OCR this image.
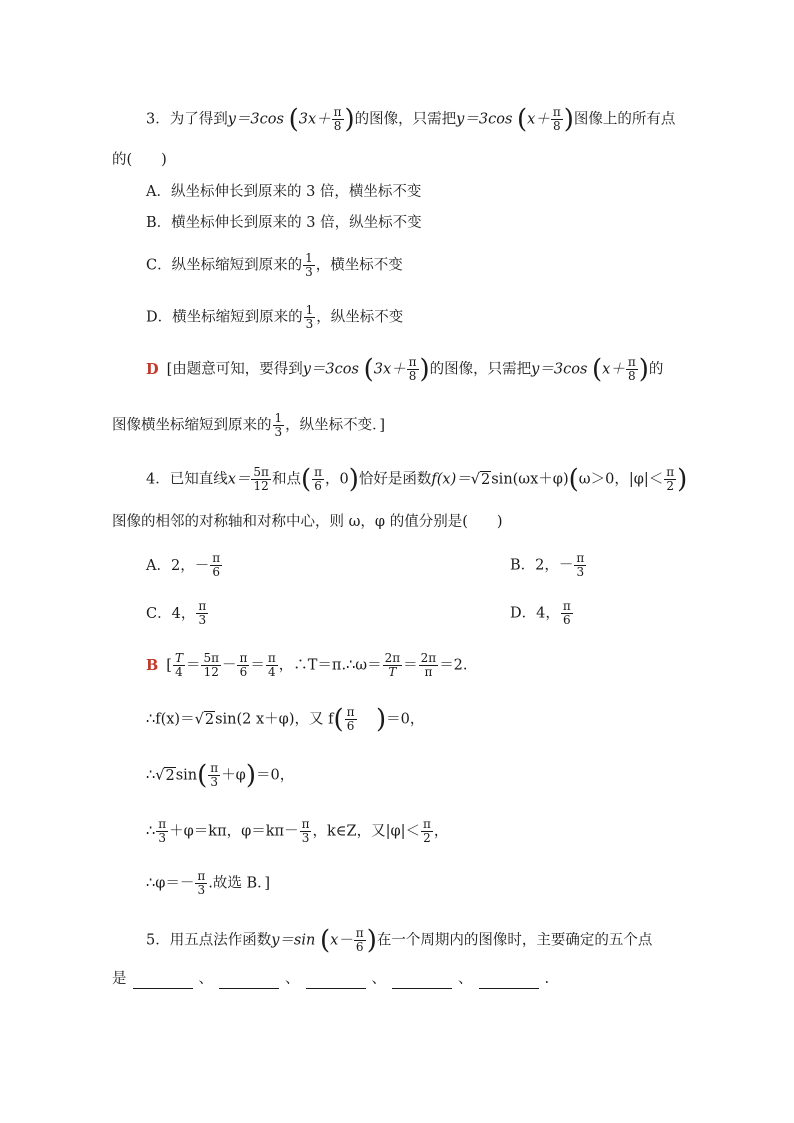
3．为了得到y＝3cos ($3x+ \frac{\pi}{8}$ )的图像，只需把y＝3cos ($x+ \frac{\pi}{8}$ )图像上的所有点
的(　　)
A．纵坐标伸长到原来的 3 倍，横坐标不变
B．横坐标伸长到原来的 3 倍，纵坐标不变
C．纵坐标缩短到原来的 $\frac{1}{3}$ ，横坐标不变
D．横坐标缩短到原来的 $\frac{1}{3}$ ，纵坐标不变
D [由题意可知，要得到y＝3cos ($3x+ \frac{\pi}{8}$ )的图像，只需把y＝3cos ($x+ \frac{\pi}{8}$ )的
图像横坐标缩短到原来的 $\frac{1}{3}$ ，纵坐标不变．]
4．已知直线$x= \frac{5\pi}{12}$ 和点( $\frac{\pi}{6}$ ，0)恰好是函数f(x)＝√2sin(ωx＋φ)(ω＞0，$|\varphi|< \frac{\pi}{2}$ )
图像的相邻的对称轴和对称中心，则 ω，φ 的值分别是(　　)
A．2，－ $\frac{\pi}{6}$	B．2，－ $\frac{\pi}{3}$
C．4， $\frac{\pi}{3}$	D．4， $\frac{\pi}{6}$
B [ $\frac{T}{4} = \frac{5\pi}{12} - \frac{\pi}{6} = \frac{\pi}{4}$ ，∴T＝π.∴ω＝ $\frac{2\pi}{T} = \frac{2\pi}{\pi} =2$.
∴f(x)＝√2sin(2 x＋φ)，又 $f( \frac{\pi}{6} )=0$，
∴√2sin( $\frac{\pi}{3} +\varphi)=0$，
∴ $\frac{\pi}{3} +\varphi=k\pi$，$\varphi=k\pi- \frac{\pi}{3}$ ，k∈Z，又$|\varphi|< \frac{\pi}{2}$ ，
∴φ＝－ $\frac{\pi}{3}$ .故选 B．]
5．用五点法作函数y＝sin ($x- \frac{\pi}{6}$ )在一个周期内的图像时，主要确定的五个点
是	、	、	、	、	.
